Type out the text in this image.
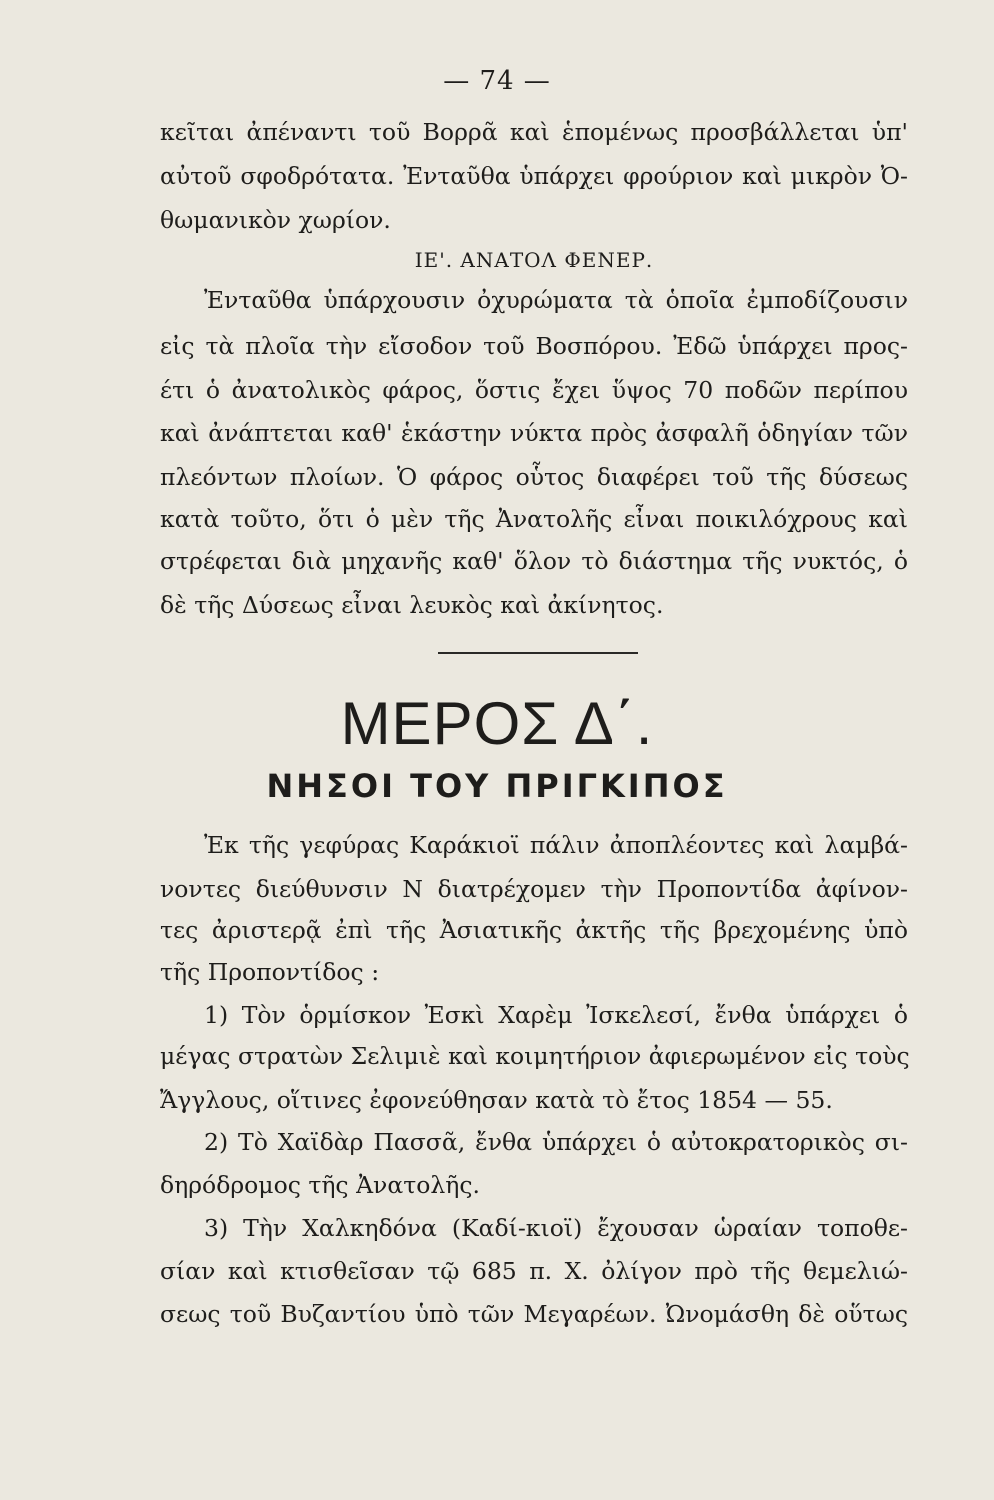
— 74 —
κεῖται ἀπέναντι τοῦ Βορρᾶ καὶ ἑπομένως προσβάλλεται ὑπ'
αὐτοῦ σφοδρότατα. Ἐνταῦθα ὑπάρχει φρούριον καὶ μικρὸν Ὀ-
θωμανικὸν χωρίον.
ΙΕ'. ΑΝΑΤΟΛ ΦΕΝΕΡ.
Ἐνταῦθα ὑπάρχουσιν ὀχυρώματα τὰ ὁποῖα ἐμποδίζουσιν
εἰς τὰ πλοῖα τὴν εἴσοδον τοῦ Βοσπόρου. Ἐδῶ ὑπάρχει προς-
έτι ὁ ἀνατολικὸς φάρος, ὅστις ἔχει ὕψος 70 ποδῶν περίπου
καὶ ἀνάπτεται καθ' ἑκάστην νύκτα πρὸς ἀσφαλῆ ὁδηγίαν τῶν
πλεόντων πλοίων. Ὁ φάρος οὗτος διαφέρει τοῦ τῆς δύσεως
κατὰ τοῦτο, ὅτι ὁ μὲν τῆς Ἀνατολῆς εἶναι ποικιλόχρους καὶ
στρέφεται διὰ μηχανῆς καθ' ὅλον τὸ διάστημα τῆς νυκτός, ὁ
δὲ τῆς Δύσεως εἶναι λευκὸς καὶ ἀκίνητος.
ΜΕΡΟΣ Δ΄.
ΝΗΣΟΙ ΤΟΥ ΠΡΙΓΚΙΠΟΣ
Ἐκ τῆς γεφύρας Καράκιοϊ πάλιν ἀποπλέοντες καὶ λαμβά-
νοντες διεύθυνσιν Ν διατρέχομεν τὴν Προποντίδα ἀφίνον-
τες ἀριστερᾷ ἐπὶ τῆς Ἀσιατικῆς ἀκτῆς τῆς βρεχομένης ὑπὸ
τῆς Προποντίδος :
1) Τὸν ὁρμίσκον Ἐσκὶ Χαρὲμ Ἰσκελεσί, ἔνθα ὑπάρχει ὁ
μέγας στρατὼν Σελιμιὲ καὶ κοιμητήριον ἀφιερωμένον εἰς τοὺς
Ἄγγλους, οἵτινες ἐφονεύθησαν κατὰ τὸ ἔτος 1854 — 55.
2) Τὸ Χαϊδὰρ Πασσᾶ, ἔνθα ὑπάρχει ὁ αὐτοκρατορικὸς σι-
δηρόδρομος τῆς Ἀνατολῆς.
3) Τὴν Χαλκηδόνα (Καδί-κιοϊ) ἔχουσαν ὡραίαν τοποθε-
σίαν καὶ κτισθεῖσαν τῷ 685 π. Χ. ὀλίγον πρὸ τῆς θεμελιώ-
σεως τοῦ Βυζαντίου ὑπὸ τῶν Μεγαρέων. Ὠνομάσθη δὲ οὕτως
